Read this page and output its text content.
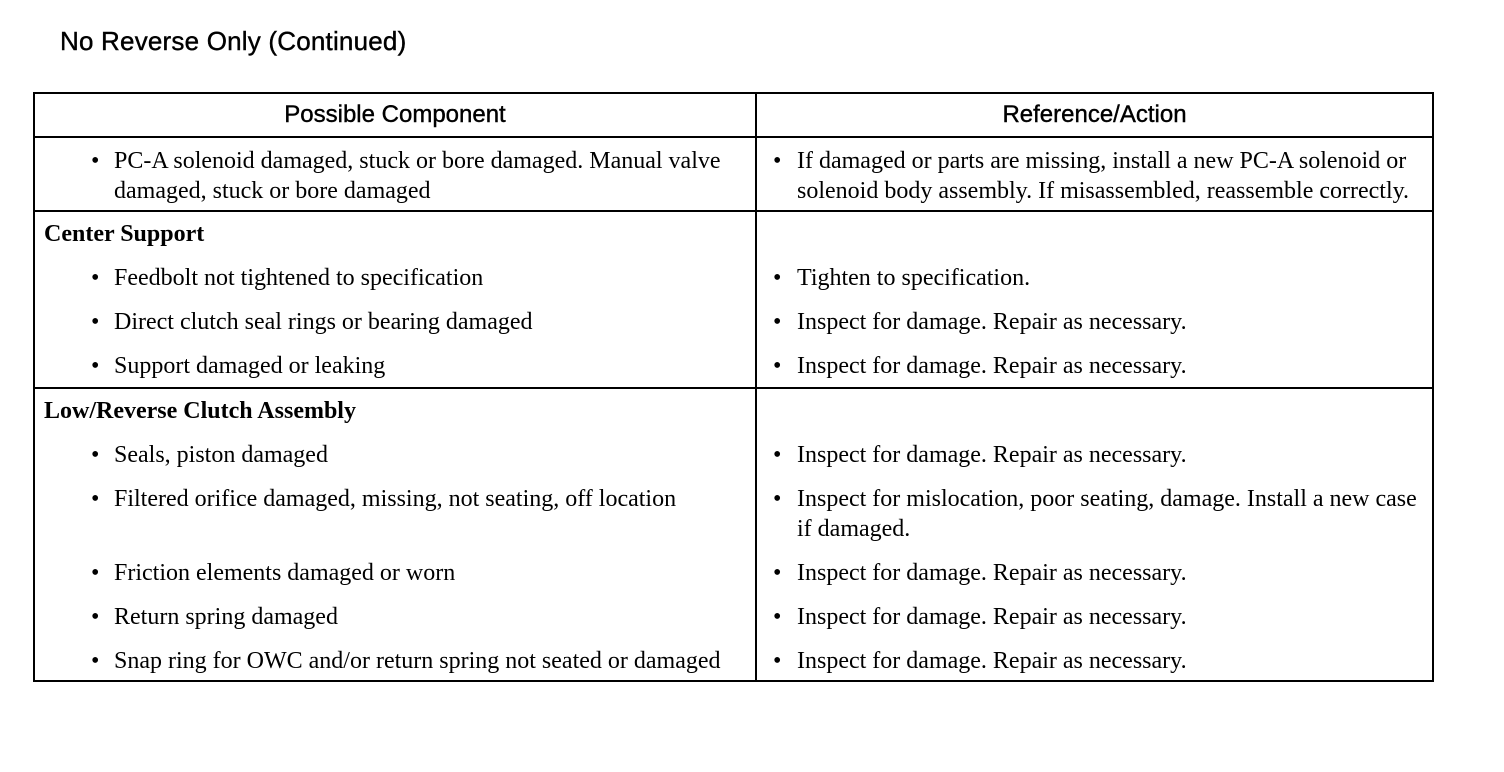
No Reverse Only (Continued)
Possible Component	Reference/Action

• PC-A solenoid damaged, stuck or bore damaged. Manual valve damaged, stuck or bore damaged	• If damaged or parts are missing, install a new PC-A solenoid or solenoid body assembly. If misassembled, reassemble correctly.

Center Support	

• Feedbolt not tightened to specification	• Tighten to specification.

• Direct clutch seal rings or bearing damaged	• Inspect for damage. Repair as necessary.

• Support damaged or leaking	• Inspect for damage. Repair as necessary.

Low/Reverse Clutch Assembly	

• Seals, piston damaged	• Inspect for damage. Repair as necessary.

• Filtered orifice damaged, missing, not seating, off location	• Inspect for mislocation, poor seating, damage. Install a new case if damaged.

• Friction elements damaged or worn	• Inspect for damage. Repair as necessary.

• Return spring damaged	• Inspect for damage. Repair as necessary.

• Snap ring for OWC and/or return spring not seated or damaged	• Inspect for damage. Repair as necessary.
